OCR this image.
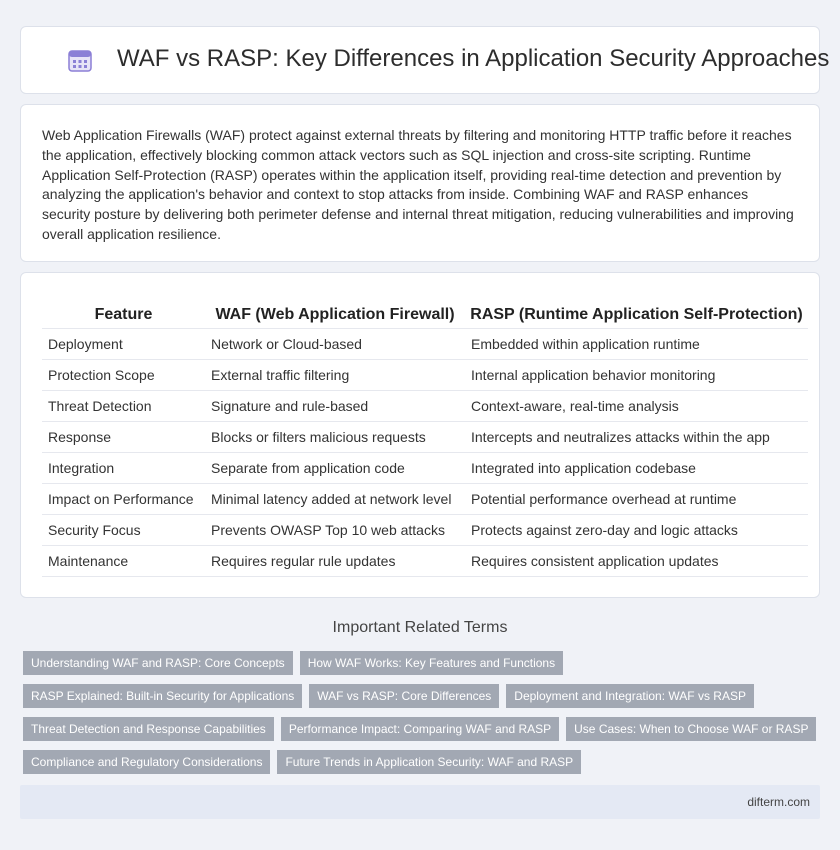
WAF vs RASP: Key Differences in Application Security Approaches

Web Application Firewalls (WAF) protect against external threats by filtering and monitoring HTTP traffic before it reaches the application, effectively blocking common attack vectors such as SQL injection and cross-site scripting. Runtime Application Self-Protection (RASP) operates within the application itself, providing real-time detection and prevention by analyzing the application's behavior and context to stop attacks from inside. Combining WAF and RASP enhances security posture by delivering both perimeter defense and internal threat mitigation, reducing vulnerabilities and improving overall application resilience.

Feature	WAF (Web Application Firewall)	RASP (Runtime Application Self-Protection)
Deployment	Network or Cloud-based	Embedded within application runtime
Protection Scope	External traffic filtering	Internal application behavior monitoring
Threat Detection	Signature and rule-based	Context-aware, real-time analysis
Response	Blocks or filters malicious requests	Intercepts and neutralizes attacks within the app
Integration	Separate from application code	Integrated into application codebase
Impact on Performance	Minimal latency added at network level	Potential performance overhead at runtime
Security Focus	Prevents OWASP Top 10 web attacks	Protects against zero-day and logic attacks
Maintenance	Requires regular rule updates	Requires consistent application updates
Important Related Terms
Understanding WAF and RASP: Core Concepts	How WAF Works: Key Features and Functions
RASP Explained: Built-in Security for Applications	WAF vs RASP: Core Differences	Deployment and Integration: WAF vs RASP
Threat Detection and Response Capabilities	Performance Impact: Comparing WAF and RASP	Use Cases: When to Choose WAF or RASP
Compliance and Regulatory Considerations	Future Trends in Application Security: WAF and RASP
difterm.com
